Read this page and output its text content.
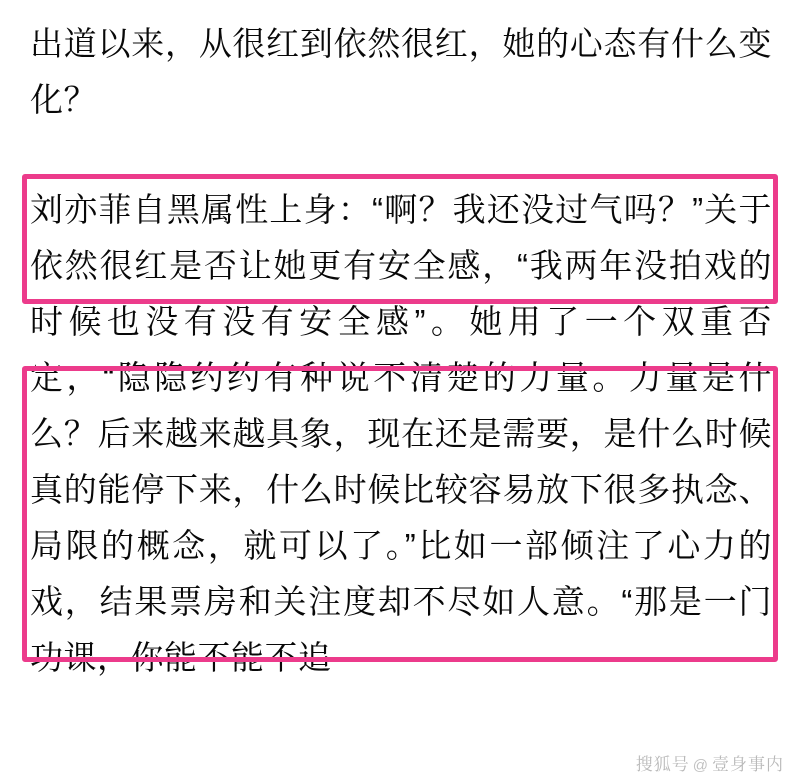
出道以来，从很红到依然很红，她的心态有什么变化？

刘亦菲自黑属性上身：“啊？我还没过气吗？”关于依然很红是否让她更有安全感，“我两年没拍戏的时候也没有没有安全感”。她用了一个双重否定，“隐隐约约有种说不清楚的力量。力量是什么？后来越来越具象，现在还是需要，是什么时候真的能停下来，什么时候比较容易放下很多执念、局限的概念，就可以了。”比如一部倾注了心力的戏，结果票房和关注度却不尽如人意。“那是一门功课，你能不能不追

搜狐号 @ 壹身事内
